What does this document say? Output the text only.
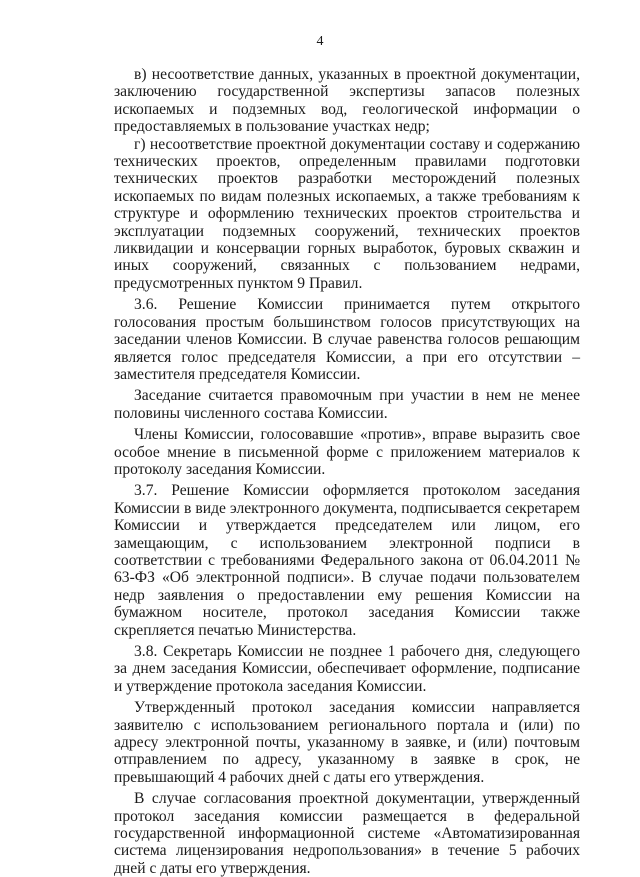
4

в) несоответствие данных, указанных в проектной документации, заключению государственной экспертизы запасов полезных ископаемых и подземных вод, геологической информации о предоставляемых в пользование участках недр;

г) несоответствие проектной документации составу и содержанию технических проектов, определенным правилами подготовки технических проектов разработки месторождений полезных ископаемых по видам полезных ископаемых, а также требованиям к структуре и оформлению технических проектов строительства и эксплуатации подземных сооружений, технических проектов ликвидации и консервации горных выработок, буровых скважин и иных сооружений, связанных с пользованием недрами, предусмотренных пунктом 9 Правил.

3.6. Решение Комиссии принимается путем открытого голосования простым большинством голосов присутствующих на заседании членов Комиссии. В случае равенства голосов решающим является голос председателя Комиссии, а при его отсутствии – заместителя председателя Комиссии.

Заседание считается правомочным при участии в нем не менее половины численного состава Комиссии.

Члены Комиссии, голосовавшие «против», вправе выразить свое особое мнение в письменной форме с приложением материалов к протоколу заседания Комиссии.

3.7. Решение Комиссии оформляется протоколом заседания Комиссии в виде электронного документа, подписывается секретарем Комиссии и утверждается председателем или лицом, его замещающим, с использованием электронной подписи в соответствии с требованиями Федерального закона от 06.04.2011 № 63-ФЗ «Об электронной подписи». В случае подачи пользователем недр заявления о предоставлении ему решения Комиссии на бумажном носителе, протокол заседания Комиссии также скрепляется печатью Министерства.

3.8. Секретарь Комиссии не позднее 1 рабочего дня, следующего за днем заседания Комиссии, обеспечивает оформление, подписание и утверждение протокола заседания Комиссии.

Утвержденный протокол заседания комиссии направляется заявителю с использованием регионального портала и (или) по адресу электронной почты, указанному в заявке, и (или) почтовым отправлением по адресу, указанному в заявке в срок, не превышающий 4 рабочих дней с даты его утверждения.

В случае согласования проектной документации, утвержденный протокол заседания комиссии размещается в федеральной государственной информационной системе «Автоматизированная система лицензирования недропользования» в течение 5 рабочих дней с даты его утверждения.
